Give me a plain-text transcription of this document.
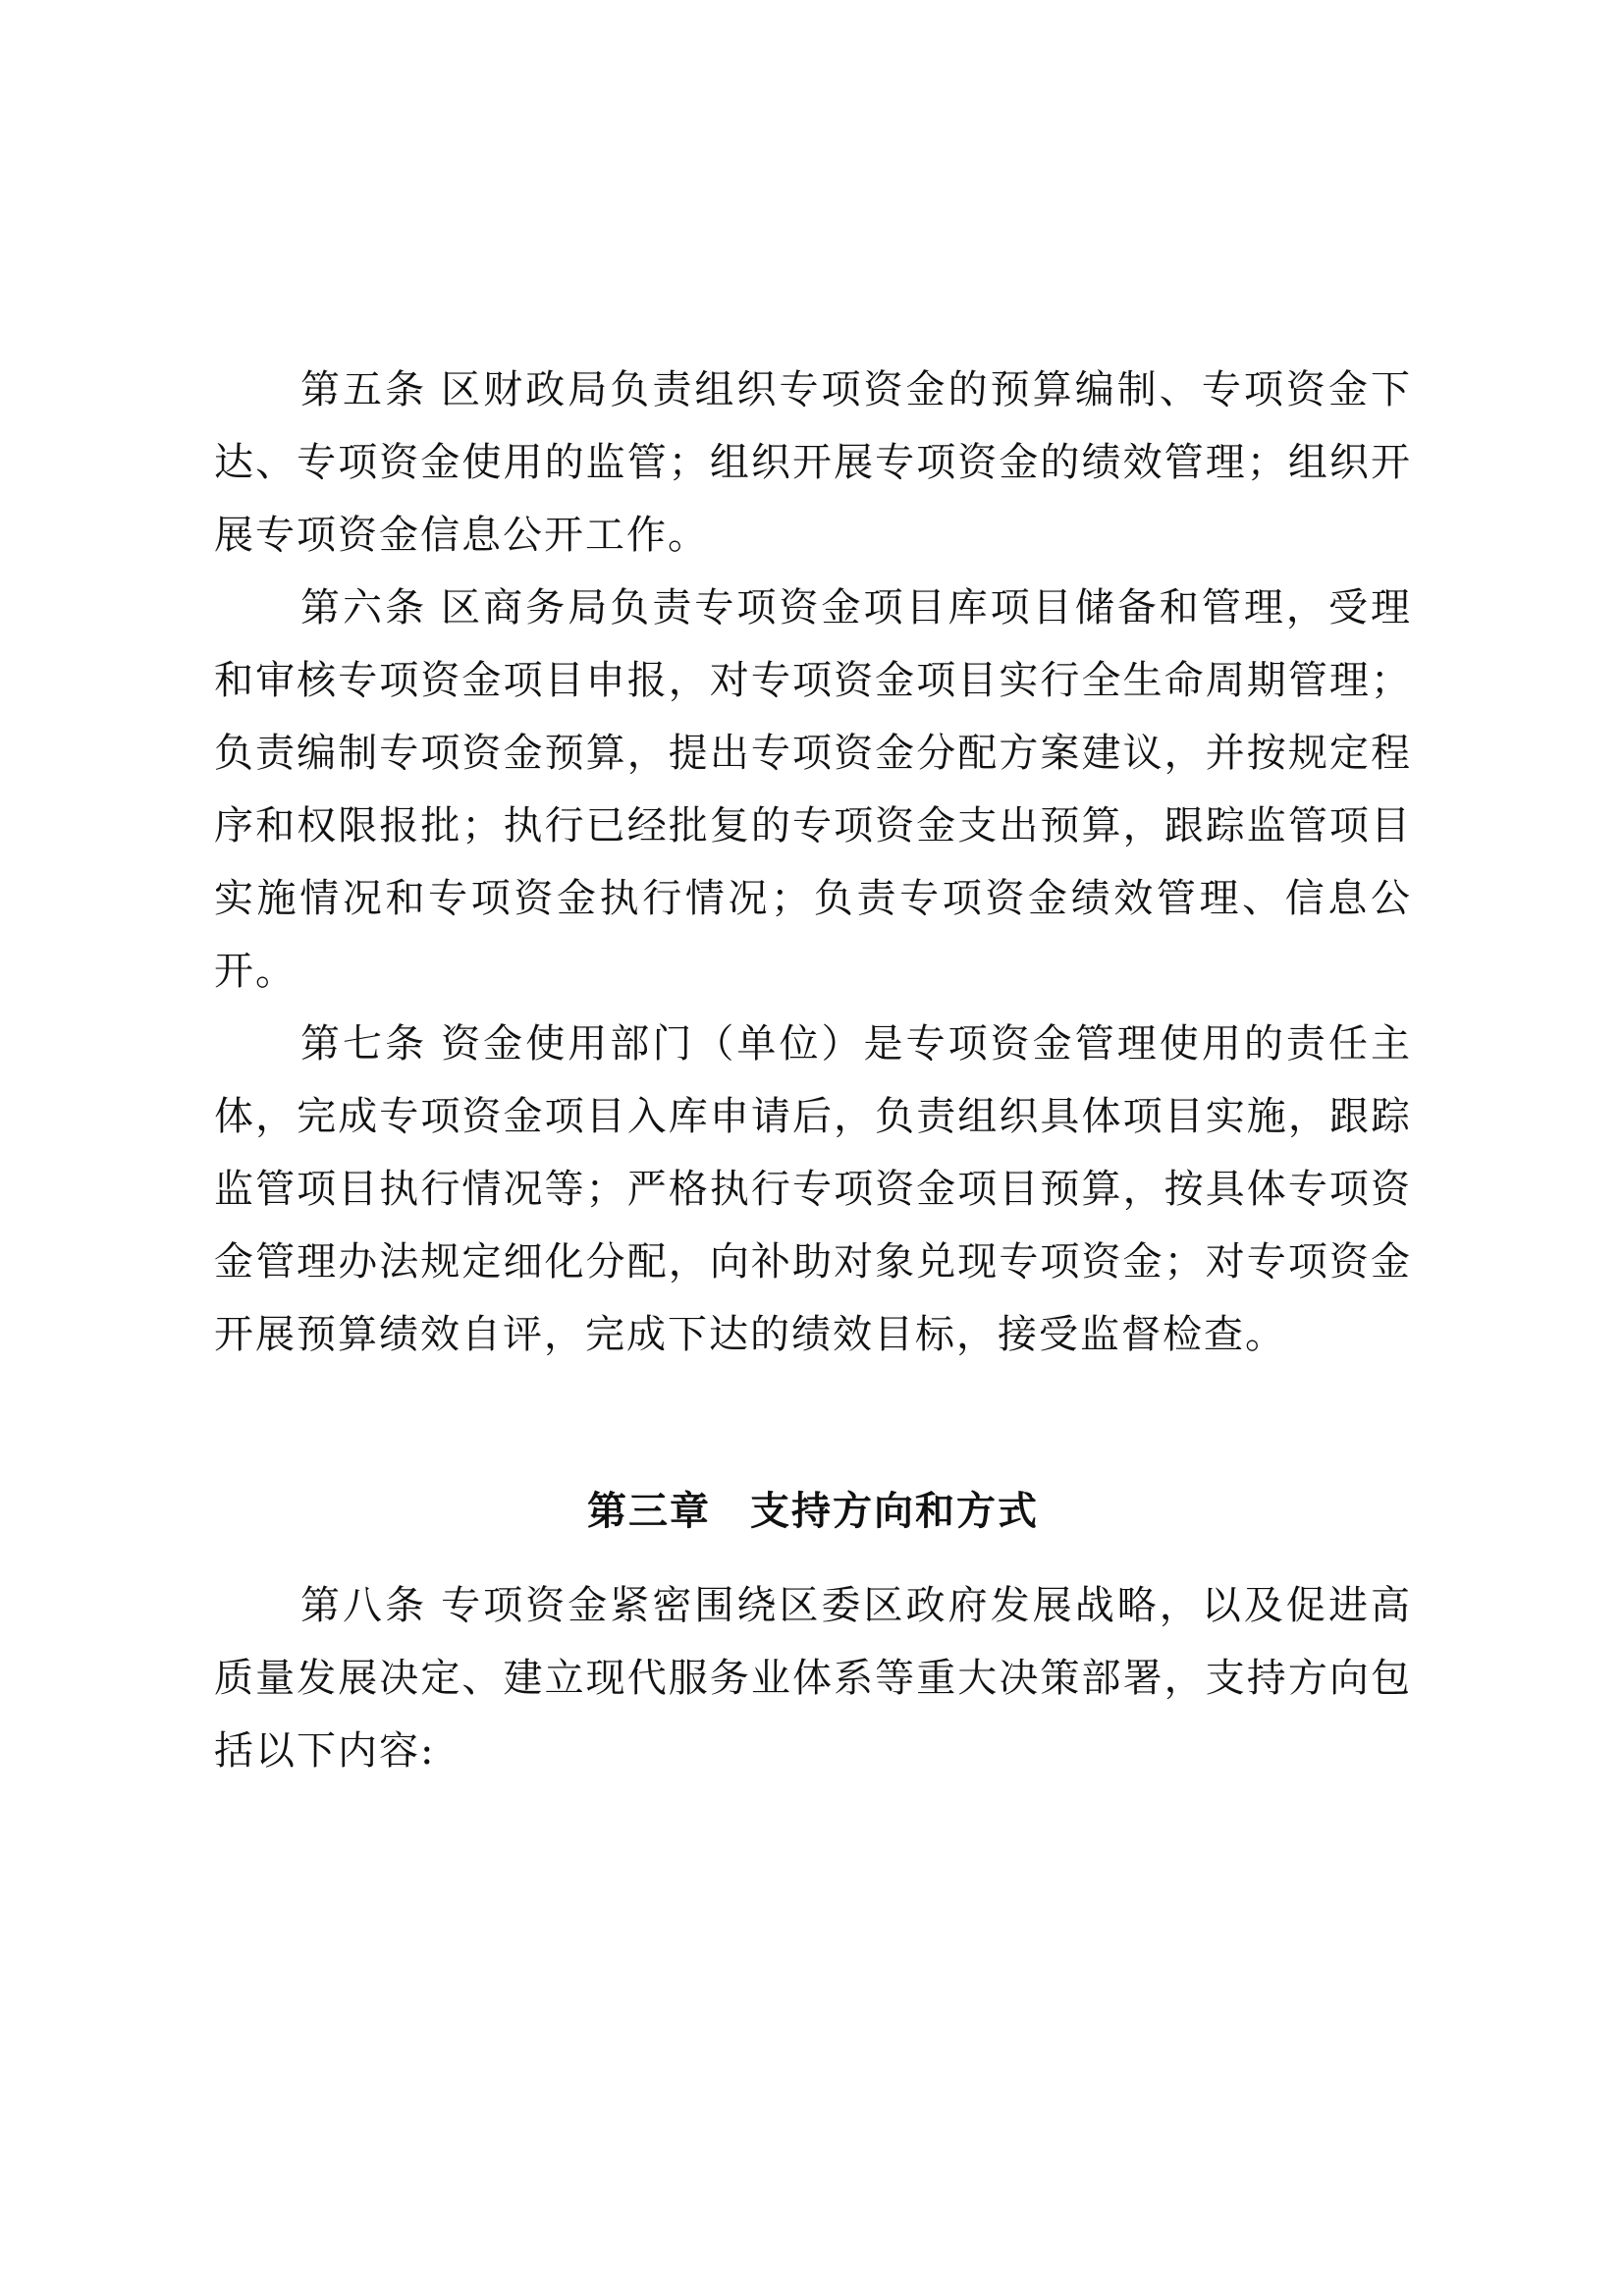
第五条 区财政局负责组织专项资金的预算编制、专项资金下达、专项资金使用的监管；组织开展专项资金的绩效管理；组织开展专项资金信息公开工作。

第六条 区商务局负责专项资金项目库项目储备和管理，受理和审核专项资金项目申报，对专项资金项目实行全生命周期管理；负责编制专项资金预算，提出专项资金分配方案建议，并按规定程序和权限报批；执行已经批复的专项资金支出预算，跟踪监管项目实施情况和专项资金执行情况；负责专项资金绩效管理、信息公开。

第七条 资金使用部门（单位）是专项资金管理使用的责任主体，完成专项资金项目入库申请后，负责组织具体项目实施，跟踪监管项目执行情况等；严格执行专项资金项目预算，按具体专项资金管理办法规定细化分配，向补助对象兑现专项资金；对专项资金开展预算绩效自评，完成下达的绩效目标，接受监督检查。

第三章 支持方向和方式

第八条 专项资金紧密围绕区委区政府发展战略，以及促进高质量发展决定、建立现代服务业体系等重大决策部署，支持方向包括以下内容:
